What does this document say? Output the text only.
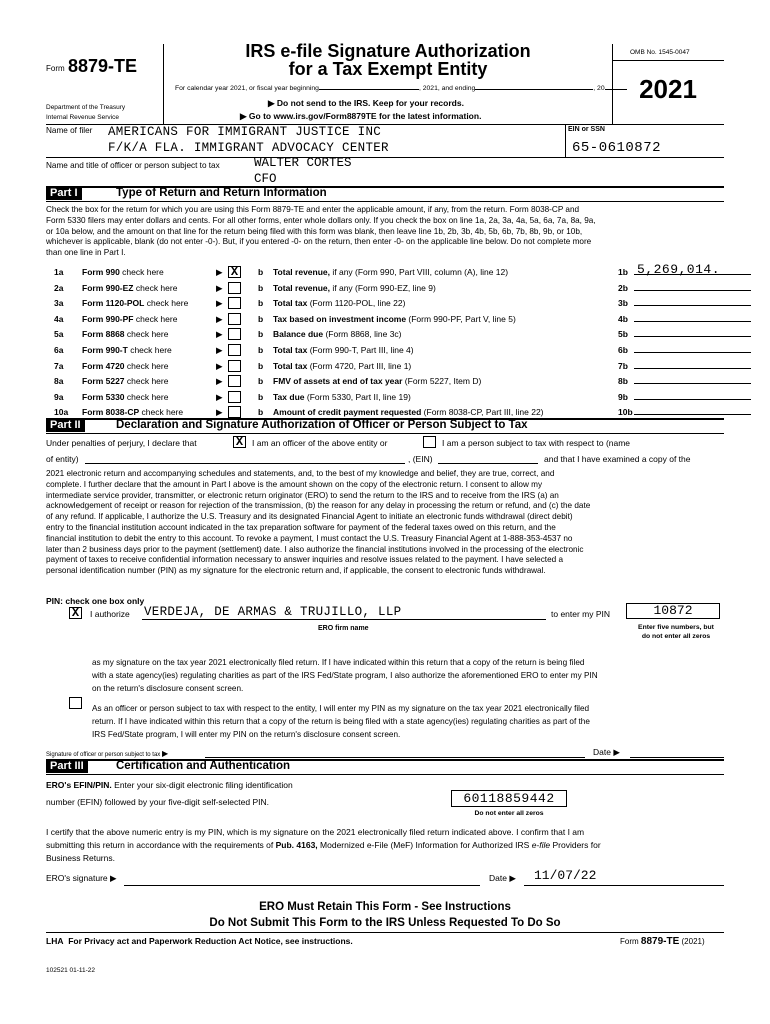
Form 8879-TE
Department of the Treasury
Internal Revenue Service
IRS e-file Signature Authorization
for a Tax Exempt Entity
For calendar year 2021, or fiscal year beginning	, 2021, and ending	, 20
▶ Do not send to the IRS. Keep for your records.
▶ Go to www.irs.gov/Form8879TE for the latest information.
OMB No. 1545-0047
2021
Name of filer AMERICANS FOR IMMIGRANT JUSTICE INC
F/K/A FLA. IMMIGRANT ADVOCACY CENTER
EIN or SSN
65-0610872
Name and title of officer or person subject to tax	WALTER CORTES
CFO
Part I	Type of Return and Return Information
Check the box for the return for which you are using this Form 8879-TE and enter the applicable amount, if any, from the return. Form 8038-CP and
Form 5330 filers may enter dollars and cents. For all other forms, enter whole dollars only. If you check the box on line 1a, 2a, 3a, 4a, 5a, 6a, 7a, 8a, 9a,
or 10a below, and the amount on that line for the return being filed with this form was blank, then leave line 1b, 2b, 3b, 4b, 5b, 6b, 7b, 8b, 9b, or 10b,
whichever is applicable, blank (do not enter -0-). But, if you entered -0- on the return, then enter -0- on the applicable line below. Do not complete more
than one line in Part I.
1a Form 990 check here	▶ X	b Total revenue, if any (Form 990, Part VIII, column (A), line 12)	1b 5,269,014.
2a Form 990-EZ check here	▶	b Total revenue, if any (Form 990-EZ, line 9)	2b
3a Form 1120-POL check here	▶	b Total tax (Form 1120-POL, line 22)	3b
4a Form 990-PF check here	▶	b Tax based on investment income (Form 990-PF, Part V, line 5)	4b
5a Form 8868 check here	▶	b Balance due (Form 8868, line 3c)	5b
6a Form 990-T check here	▶	b Total tax (Form 990-T, Part III, line 4)	6b
7a Form 4720 check here	▶	b Total tax (Form 4720, Part III, line 1)	7b
8a Form 5227 check here	▶	b FMV of assets at end of tax year (Form 5227, Item D)	8b
9a Form 5330 check here	▶	b Tax due (Form 5330, Part II, line 19)	9b
10a Form 8038-CP check here	▶	b Amount of credit payment requested (Form 8038-CP, Part III, line 22)	10b
Part II	Declaration and Signature Authorization of Officer or Person Subject to Tax
Under penalties of perjury, I declare that	X	I am an officer of the above entity or	I am a person subject to tax with respect to (name
of entity)	, (EIN)	and that I have examined a copy of the
2021 electronic return and accompanying schedules and statements, and, to the best of my knowledge and belief, they are true, correct, and
complete. I further declare that the amount in Part I above is the amount shown on the copy of the electronic return. I consent to allow my
intermediate service provider, transmitter, or electronic return originator (ERO) to send the return to the IRS and to receive from the IRS (a) an
acknowledgement of receipt or reason for rejection of the transmission, (b) the reason for any delay in processing the return or refund, and (c) the date
of any refund. If applicable, I authorize the U.S. Treasury and its designated Financial Agent to initiate an electronic funds withdrawal (direct debit)
entry to the financial institution account indicated in the tax preparation software for payment of the federal taxes owed on this return, and the
financial institution to debit the entry to this account. To revoke a payment, I must contact the U.S. Treasury Financial Agent at 1-888-353-4537 no
later than 2 business days prior to the payment (settlement) date. I also authorize the financial institutions involved in the processing of the electronic
payment of taxes to receive confidential information necessary to answer inquiries and resolve issues related to the payment. I have selected a
personal identification number (PIN) as my signature for the electronic return and, if applicable, the consent to electronic funds withdrawal.
PIN: check one box only
X	I authorize VERDEJA, DE ARMAS & TRUJILLO, LLP
ERO firm name
to enter my PIN	10872
Enter five numbers, but
do not enter all zeros
as my signature on the tax year 2021 electronically filed return. If I have indicated within this return that a copy of the return is being filed
with a state agency(ies) regulating charities as part of the IRS Fed/State program, I also authorize the aforementioned ERO to enter my PIN
on the return's disclosure consent screen.
As an officer or person subject to tax with respect to the entity, I will enter my PIN as my signature on the tax year 2021 electronically filed
return. If I have indicated within this return that a copy of the return is being filed with a state agency(ies) regulating charities as part of the
IRS Fed/State program, I will enter my PIN on the return's disclosure consent screen.
Signature of officer or person subject to tax ▶	Date ▶
Part III	Certification and Authentication
ERO's EFIN/PIN. Enter your six-digit electronic filing identification
number (EFIN) followed by your five-digit self-selected PIN.	60118859442
Do not enter all zeros
I certify that the above numeric entry is my PIN, which is my signature on the 2021 electronically filed return indicated above. I confirm that I am
submitting this return in accordance with the requirements of Pub. 4163, Modernized e-File (MeF) Information for Authorized IRS e-file Providers for
Business Returns.
ERO's signature ▶	Date ▶ 11/07/22
ERO Must Retain This Form - See Instructions
Do Not Submit This Form to the IRS Unless Requested To Do So
LHA For Privacy act and Paperwork Reduction Act Notice, see instructions.	Form 8879-TE (2021)
102521 01-11-22
